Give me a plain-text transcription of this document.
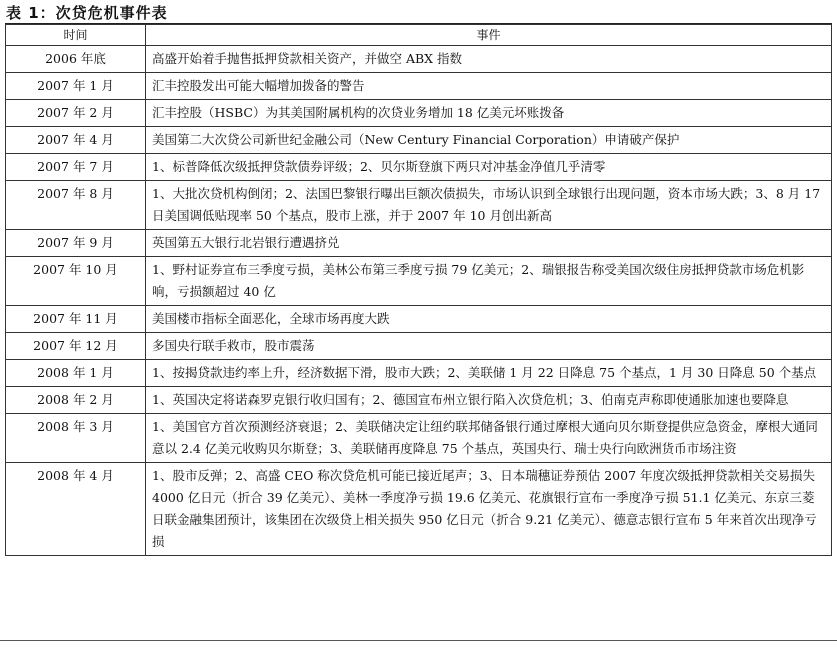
表 1：次贷危机事件表
时间	事件
2006 年底	高盛开始着手抛售抵押贷款相关资产，并做空 ABX 指数
2007 年 1 月	汇丰控股发出可能大幅增加拨备的警告
2007 年 2 月	汇丰控股（HSBC）为其美国附属机构的次贷业务增加 18 亿美元坏账拨备
2007 年 4 月	美国第二大次贷公司新世纪金融公司（New Century Financial Corporation）申请破产保护
2007 年 7 月	1、标普降低次级抵押贷款债券评级；2、贝尔斯登旗下两只对冲基金净值几乎清零
2007 年 8 月	1、大批次贷机构倒闭；2、法国巴黎银行曝出巨额次债损失，市场认识到全球银行出现问题，资本市场大跌；3、8 月 17 日美国调低贴现率 50 个基点，股市上涨，并于 2007 年 10 月创出新高
2007 年 9 月	英国第五大银行北岩银行遭遇挤兑
2007 年 10 月	1、野村证券宣布三季度亏损，美林公布第三季度亏损 79 亿美元；2、瑞银报告称受美国次级住房抵押贷款市场危机影响，亏损额超过 40 亿
2007 年 11 月	美国楼市指标全面恶化，全球市场再度大跌
2007 年 12 月	多国央行联手救市，股市震荡
2008 年 1 月	1、按揭贷款违约率上升，经济数据下滑，股市大跌；2、美联储 1 月 22 日降息 75 个基点，1 月 30 日降息 50 个基点
2008 年 2 月	1、英国决定将诺森罗克银行收归国有；2、德国宣布州立银行陷入次贷危机；3、伯南克声称即使通胀加速也要降息
2008 年 3 月	1、美国官方首次预测经济衰退；2、美联储决定让纽约联邦储备银行通过摩根大通向贝尔斯登提供应急资金，摩根大通同意以 2.4 亿美元收购贝尔斯登；3、美联储再度降息 75 个基点，英国央行、瑞士央行向欧洲货币市场注资
2008 年 4 月	1、股市反弹；2、高盛 CEO 称次贷危机可能已接近尾声；3、日本瑞穗证券预估 2007 年度次级抵押贷款相关交易损失 4000 亿日元（折合 39 亿美元）、美林一季度净亏损 19.6 亿美元、花旗银行宣布一季度净亏损 51.1 亿美元、东京三菱日联金融集团预计，该集团在次级贷上相关损失 950 亿日元（折合 9.21 亿美元）、德意志银行宣布 5 年来首次出现净亏损
